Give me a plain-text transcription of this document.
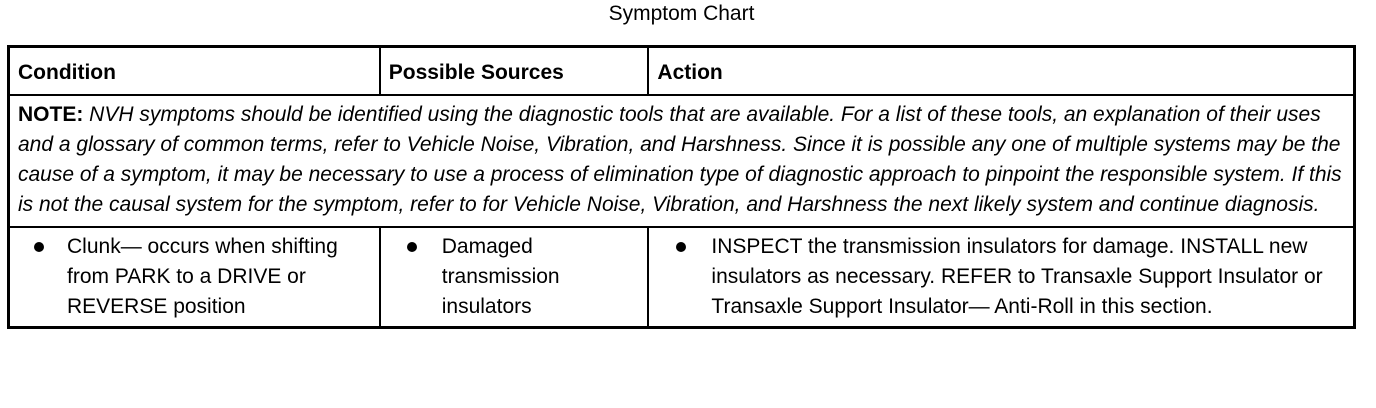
Symptom Chart
Condition	Possible Sources	Action
NOTE: NVH symptoms should be identified using the diagnostic tools that are available. For a list of these tools, an explanation of their uses and a glossary of common terms, refer to Vehicle Noise, Vibration, and Harshness. Since it is possible any one of multiple systems may be the cause of a symptom, it may be necessary to use a process of elimination type of diagnostic approach to pinpoint the responsible system. If this is not the causal system for the symptom, refer to for Vehicle Noise, Vibration, and Harshness the next likely system and continue diagnosis.		

Clunk— occurs when shifting from PARK to a DRIVE or REVERSE position	Damaged transmission insulators	INSPECT the transmission insulators for damage. INSTALL new insulators as necessary. REFER to Transaxle Support Insulator or Transaxle Support Insulator— Anti-Roll in this section.
